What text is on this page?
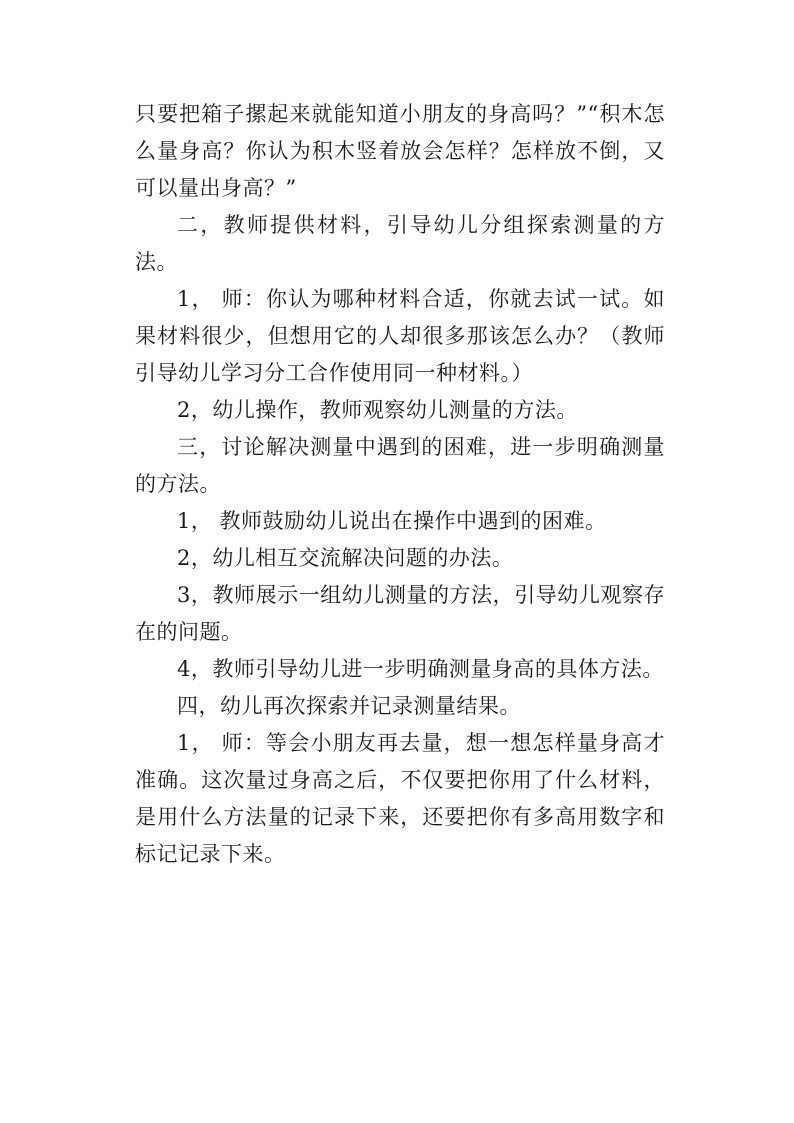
只要把箱子摞起来就能知道小朋友的身高吗？”“积木怎么量身高？你认为积木竖着放会怎样？怎样放不倒，又可以量出身高？”

二，教师提供材料，引导幼儿分组探索测量的方法。

1， 师：你认为哪种材料合适，你就去试一试。如果材料很少，但想用它的人却很多那该怎么办？（教师引导幼儿学习分工合作使用同一种材料。）

2，幼儿操作，教师观察幼儿测量的方法。

三，讨论解决测量中遇到的困难，进一步明确测量的方法。

1， 教师鼓励幼儿说出在操作中遇到的困难。

2，幼儿相互交流解决问题的办法。

3，教师展示一组幼儿测量的方法，引导幼儿观察存在的问题。

4，教师引导幼儿进一步明确测量身高的具体方法。

四，幼儿再次探索并记录测量结果。

1， 师：等会小朋友再去量，想一想怎样量身高才准确。这次量过身高之后，不仅要把你用了什么材料，是用什么方法量的记录下来，还要把你有多高用数字和标记记录下来。
